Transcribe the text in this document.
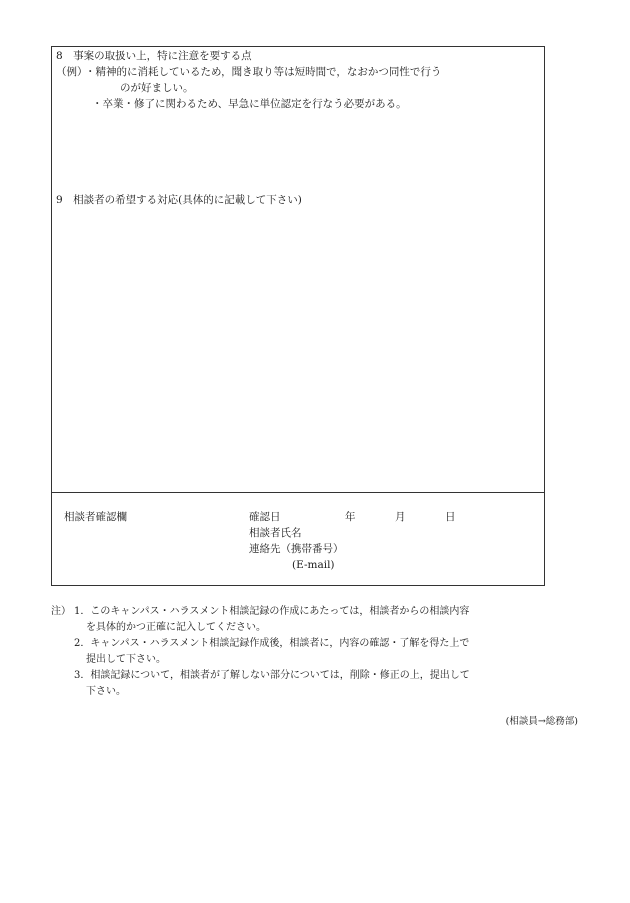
8　事案の取扱い上，特に注意を要する点
（例）
・精神的に消耗しているため，聞き取り等は短時間で，なおかつ同性で行う
のが好ましい。
・卒業・修了に関わるため、早急に単位認定を行なう必要がある。
9　相談者の希望する対応(具体的に記載して下さい)
相談者確認欄	確認日	年	月	日
相談者氏名
連絡先（携帯番号）
(E-mail)
注） 1．このキャンパス・ハラスメント相談記録の作成にあたっては，相談者からの相談内容
を具体的かつ正確に記入してください。
2．キャンパス・ハラスメント相談記録作成後，相談者に，内容の確認・了解を得た上で
提出して下さい。
3．相談記録について，相談者が了解しない部分については，削除・修正の上，提出して
下さい。
(相談員→総務部)
